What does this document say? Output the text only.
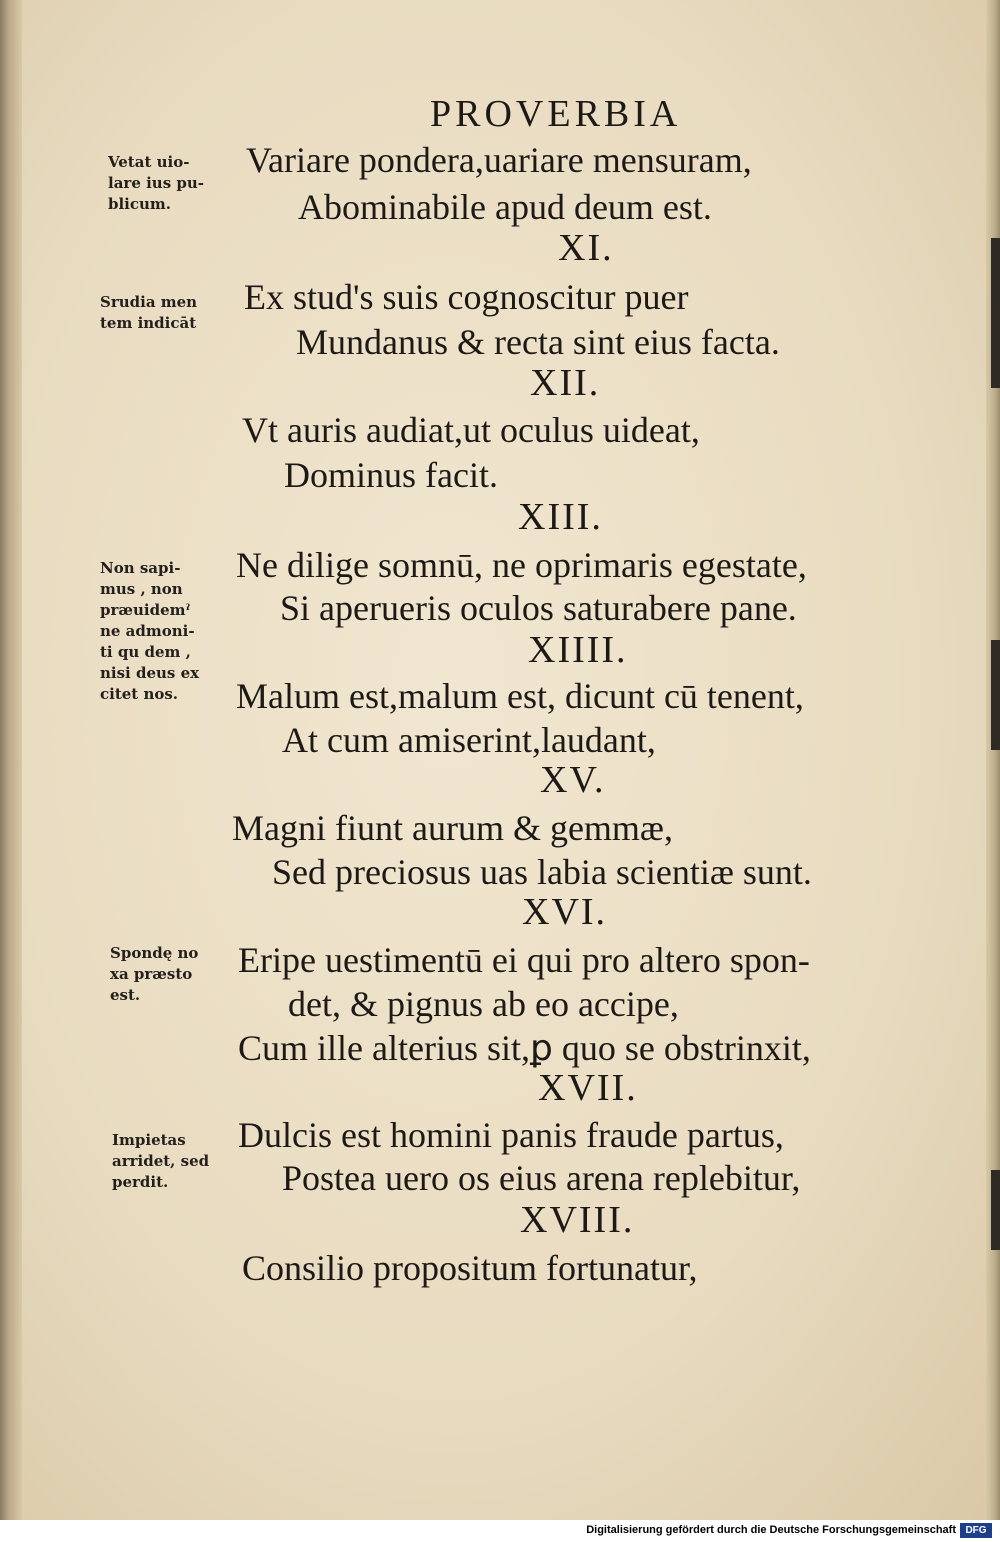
PROVERBIA
Vetat uio-
lare ius pu-
blicum.
Srudia men
tem indicāt
Non sapi-
mus , non
præuidemˀ
ne admoni-
ti qu dem ,
nisi deus ex
citet nos.
Spondę no
xa præsto
est.
Impietas
arridet, sed
perdit.
Variare pondera,uariare mensuram,
Abominabile apud deum est.
XI.
Ex stud's suis cognoscitur puer
Mundanus & recta sint eius facta.
XII.
Vt auris audiat,ut oculus uideat,
Dominus facit.
XIII.
Ne dilige somnū, ne oprimaris egestate,
Si aperueris oculos saturabere pane.
XIIII.
Malum est,malum est, dicunt cū tenent,
At cum amiserint,laudant,
XV.
Magni fiunt aurum & gemmæ,
Sed preciosus uas labia scientiæ sunt.
XVI.
Eripe uestimentū ei qui pro altero spon-
det, & pignus ab eo accipe,
Cum ille alterius sit,ꝑ quo se obstrinxit,
XVII.
Dulcis est homini panis fraude partus,
Postea uero os eius arena replebitur,
XVIII.
Consilio propositum fortunatur,
Digitalisierung gefördert durch die Deutsche Forschungsgemeinschaft DFG
